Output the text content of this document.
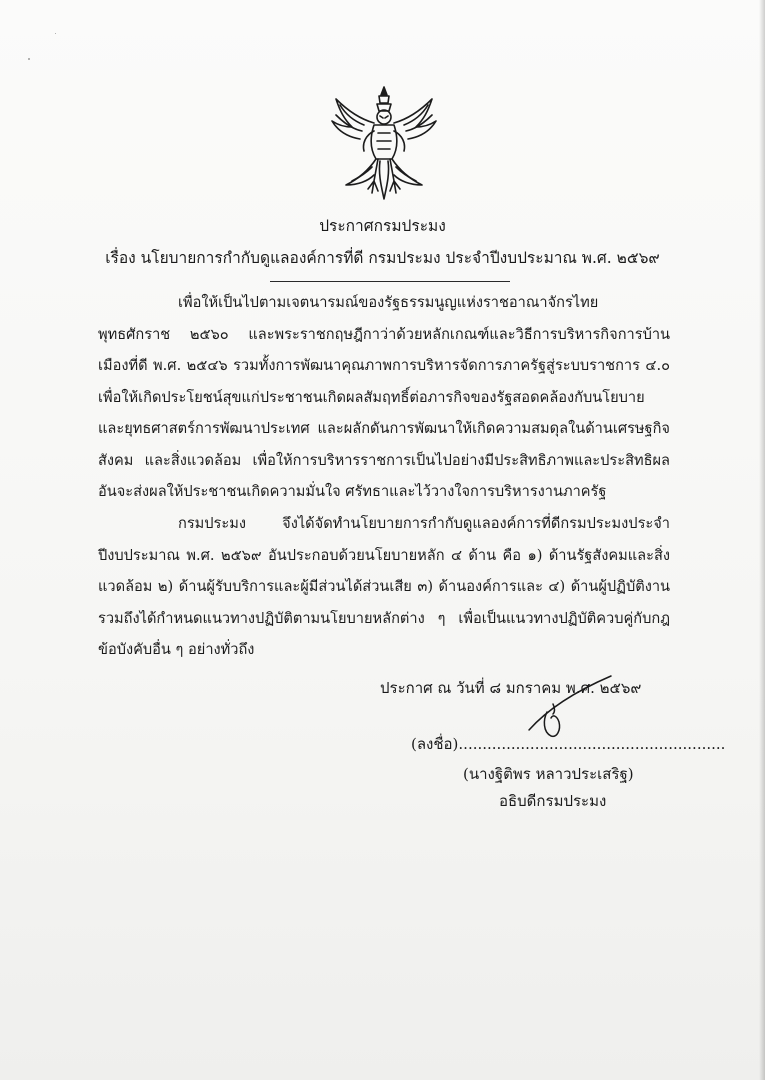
ประกาศกรมประมง
เรื่อง นโยบายการกำกับดูแลองค์การที่ดี กรมประมง ประจำปีงบประมาณ พ.ศ. ๒๕๖๙

เพื่อให้เป็นไปตามเจตนารมณ์ของรัฐธรรมนูญแห่งราชอาณาจักรไทย พุทธศักราช ๒๕๖๐ และพระราชกฤษฎีกาว่าด้วยหลักเกณฑ์และวิธีการบริหารกิจการบ้านเมืองที่ดี พ.ศ. ๒๕๔๖ รวมทั้งการพัฒนาคุณภาพการบริหารจัดการภาครัฐสู่ระบบราชการ ๔.๐ เพื่อให้เกิดประโยชน์สุขแก่ประชาชนเกิดผลสัมฤทธิ์ต่อภารกิจของรัฐสอดคล้องกับนโยบายและยุทธศาสตร์การพัฒนาประเทศ และผลักดันการพัฒนาให้เกิดความสมดุลในด้านเศรษฐกิจ สังคม และสิ่งแวดล้อม เพื่อให้การบริหารราชการเป็นไปอย่างมีประสิทธิภาพและประสิทธิผล อันจะส่งผลให้ประชาชนเกิดความมั่นใจ ศรัทธาและไว้วางใจการบริหารงานภาครัฐ

กรมประมง จึงได้จัดทำนโยบายการกำกับดูแลองค์การที่ดีกรมประมงประจำปีงบประมาณ พ.ศ. ๒๕๖๙ อันประกอบด้วยนโยบายหลัก ๔ ด้าน คือ ๑) ด้านรัฐสังคมและสิ่งแวดล้อม ๒) ด้านผู้รับบริการและผู้มีส่วนได้ส่วนเสีย ๓) ด้านองค์การและ ๔) ด้านผู้ปฏิบัติงาน รวมถึงได้กำหนดแนวทางปฏิบัติตามนโยบายหลักต่าง ๆ เพื่อเป็นแนวทางปฏิบัติควบคู่กับกฎ ข้อบังคับอื่น ๆ อย่างทั่วถึง

ประกาศ ณ วันที่ ๘ มกราคม พ.ศ. ๒๕๖๙
(ลงชื่อ)........................................................
(นางฐิติพร หลาวประเสริฐ)
อธิบดีกรมประมง
